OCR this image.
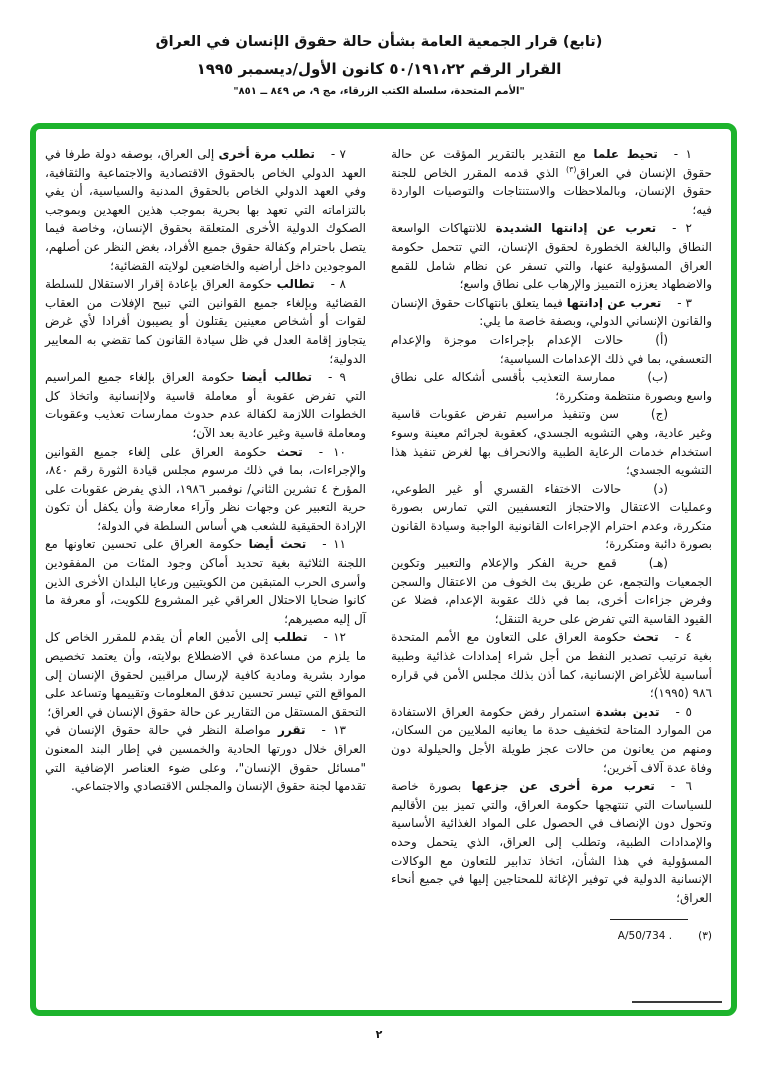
(تابع) قرار الجمعية العامة بشأن حالة حقوق الإنسان في العراق

القرار الرقم ٥٠/١٩١،٢٢ كانون الأول/ديسمبر ١٩٩٥

"الأمم المتحدة، سلسلة الكتب الزرقاء، مج ٩، ص ٨٤٩ ــ ٨٥١"

١ -تحيط علما مع التقدير بالتقرير المؤقت عن حالة حقوق الإنسان في العراق$^{(٣)}$ الذي قدمه المقرر الخاص للجنة حقوق الإنسان، وبالملاحظات والاستنتاجات والتوصيات الواردة فيه؛

٢ -تعرب عن إدانتها الشديدة للانتهاكات الواسعة النطاق والبالغة الخطورة لحقوق الإنسان، التي تتحمل حكومة العراق المسؤولية عنها، والتي تسفر عن نظام شامل للقمع والاضطهاد يعززه التمييز والإرهاب على نطاق واسع؛

٣ -تعرب عن إدانتها فيما يتعلق بانتهاكات حقوق الإنسان والقانون الإنساني الدولي، وبصفة خاصة ما يلي:

(أ)حالات الإعدام بإجراءات موجزة والإعدام التعسفي، بما في ذلك الإعدامات السياسية؛

(ب)ممارسة التعذيب بأقسى أشكاله على نطاق واسع وبصورة منتظمة ومتكررة؛

(ج)سن وتنفيذ مراسيم تفرض عقوبات قاسية وغير عادية، وهي التشويه الجسدي، كعقوبة لجرائم معينة وسوء استخدام خدمات الرعاية الطبية والانحراف بها لغرض تنفيذ هذا التشويه الجسدي؛

(د)حالات الاختفاء القسري أو غير الطوعي، وعمليات الاعتقال والاحتجاز التعسفيين التي تمارس بصورة متكررة، وعدم احترام الإجراءات القانونية الواجبة وسيادة القانون بصورة دائبة ومتكررة؛

(هـ)قمع حرية الفكر والإعلام والتعبير وتكوين الجمعيات والتجمع، عن طريق بث الخوف من الاعتقال والسجن وفرض جزاءات أخرى، بما في ذلك عقوبة الإعدام، فضلا عن القيود القاسية التي تفرض على حرية التنقل؛

٤ -تحث حكومة العراق على التعاون مع الأمم المتحدة بغية ترتيب تصدير النفط من أجل شراء إمدادات غذائية وطبية أساسية للأغراض الإنسانية، كما أذن بذلك مجلس الأمن في قراره ٩٨٦ (١٩٩٥)؛

٥ -تدين بشدة استمرار رفض حكومة العراق الاستفادة من الموارد المتاحة لتخفيف حدة ما يعانيه الملايين من السكان، ومنهم من يعانون من حالات عجز طويلة الأجل والحيلولة دون وفاة عدة آلاف آخرين؛

٦ -تعرب مرة أخرى عن جزعها بصورة خاصة للسياسات التي تنتهجها حكومة العراق، والتي تميز بين الأقاليم وتحول دون الإنصاف في الحصول على المواد الغذائية الأساسية والإمدادات الطبية، وتطلب إلى العراق، الذي يتحمل وحده المسؤولية في هذا الشأن، اتخاذ تدابير للتعاون مع الوكالات الإنسانية الدولية في توفير الإغاثة للمحتاجين إليها في جميع أنحاء العراق؛

(٣)A/50/734 .

٧ -تطلب مرة أخرى إلى العراق، بوصفه دولة طرفا في العهد الدولي الخاص بالحقوق الاقتصادية والاجتماعية والثقافية، وفي العهد الدولي الخاص بالحقوق المدنية والسياسية، أن يفي بالتزاماته التي تعهد بها بحرية بموجب هذين العهدين وبموجب الصكوك الدولية الأخرى المتعلقة بحقوق الإنسان، وخاصة فيما يتصل باحترام وكفالة حقوق جميع الأفراد، بغض النظر عن أصلهم، الموجودين داخل أراضيه والخاضعين لولايته القضائية؛

٨ -تطالب حكومة العراق بإعادة إقرار الاستقلال للسلطة القضائية وبإلغاء جميع القوانين التي تبيح الإفلات من العقاب لقوات أو أشخاص معينين يقتلون أو يصيبون أفرادا لأي غرض يتجاوز إقامة العدل في ظل سيادة القانون كما تقضي به المعايير الدولية؛

٩ -تطالب أيضا حكومة العراق بإلغاء جميع المراسيم التي تفرض عقوبة أو معاملة قاسية ولاإنسانية واتخاذ كل الخطوات اللازمة لكفالة عدم حدوث ممارسات تعذيب وعقوبات ومعاملة قاسية وغير عادية بعد الآن؛

١٠ -تحث حكومة العراق على إلغاء جميع القوانين والإجراءات، بما في ذلك مرسوم مجلس قيادة الثورة رقم ٨٤٠، المؤرخ ٤ تشرين الثاني/ نوفمبر ١٩٨٦، الذي يفرض عقوبات على حرية التعبير عن وجهات نظر وآراء معارضة وأن يكفل أن تكون الإرادة الحقيقية للشعب هي أساس السلطة في الدولة؛

١١ -تحث أيضا حكومة العراق على تحسين تعاونها مع اللجنة الثلاثية بغية تحديد أماكن وجود المئات من المفقودين وأسرى الحرب المتبقين من الكويتيين ورعايا البلدان الأخرى الذين كانوا ضحايا الاحتلال العراقي غير المشروع للكويت، أو معرفة ما آل إليه مصيرهم؛

١٢ -تطلب إلى الأمين العام أن يقدم للمقرر الخاص كل ما يلزم من مساعدة في الاضطلاع بولايته، وأن يعتمد تخصيص موارد بشرية ومادية كافية لإرسال مراقبين لحقوق الإنسان إلى المواقع التي تيسر تحسين تدفق المعلومات وتقييمها وتساعد على التحقق المستقل من التقارير عن حالة حقوق الإنسان في العراق؛

١٣ -تقرر مواصلة النظر في حالة حقوق الإنسان في العراق خلال دورتها الحادية والخمسين في إطار البند المعنون "مسائل حقوق الإنسان"، وعلى ضوء العناصر الإضافية التي تقدمها لجنة حقوق الإنسان والمجلس الاقتصادي والاجتماعي.

٢
